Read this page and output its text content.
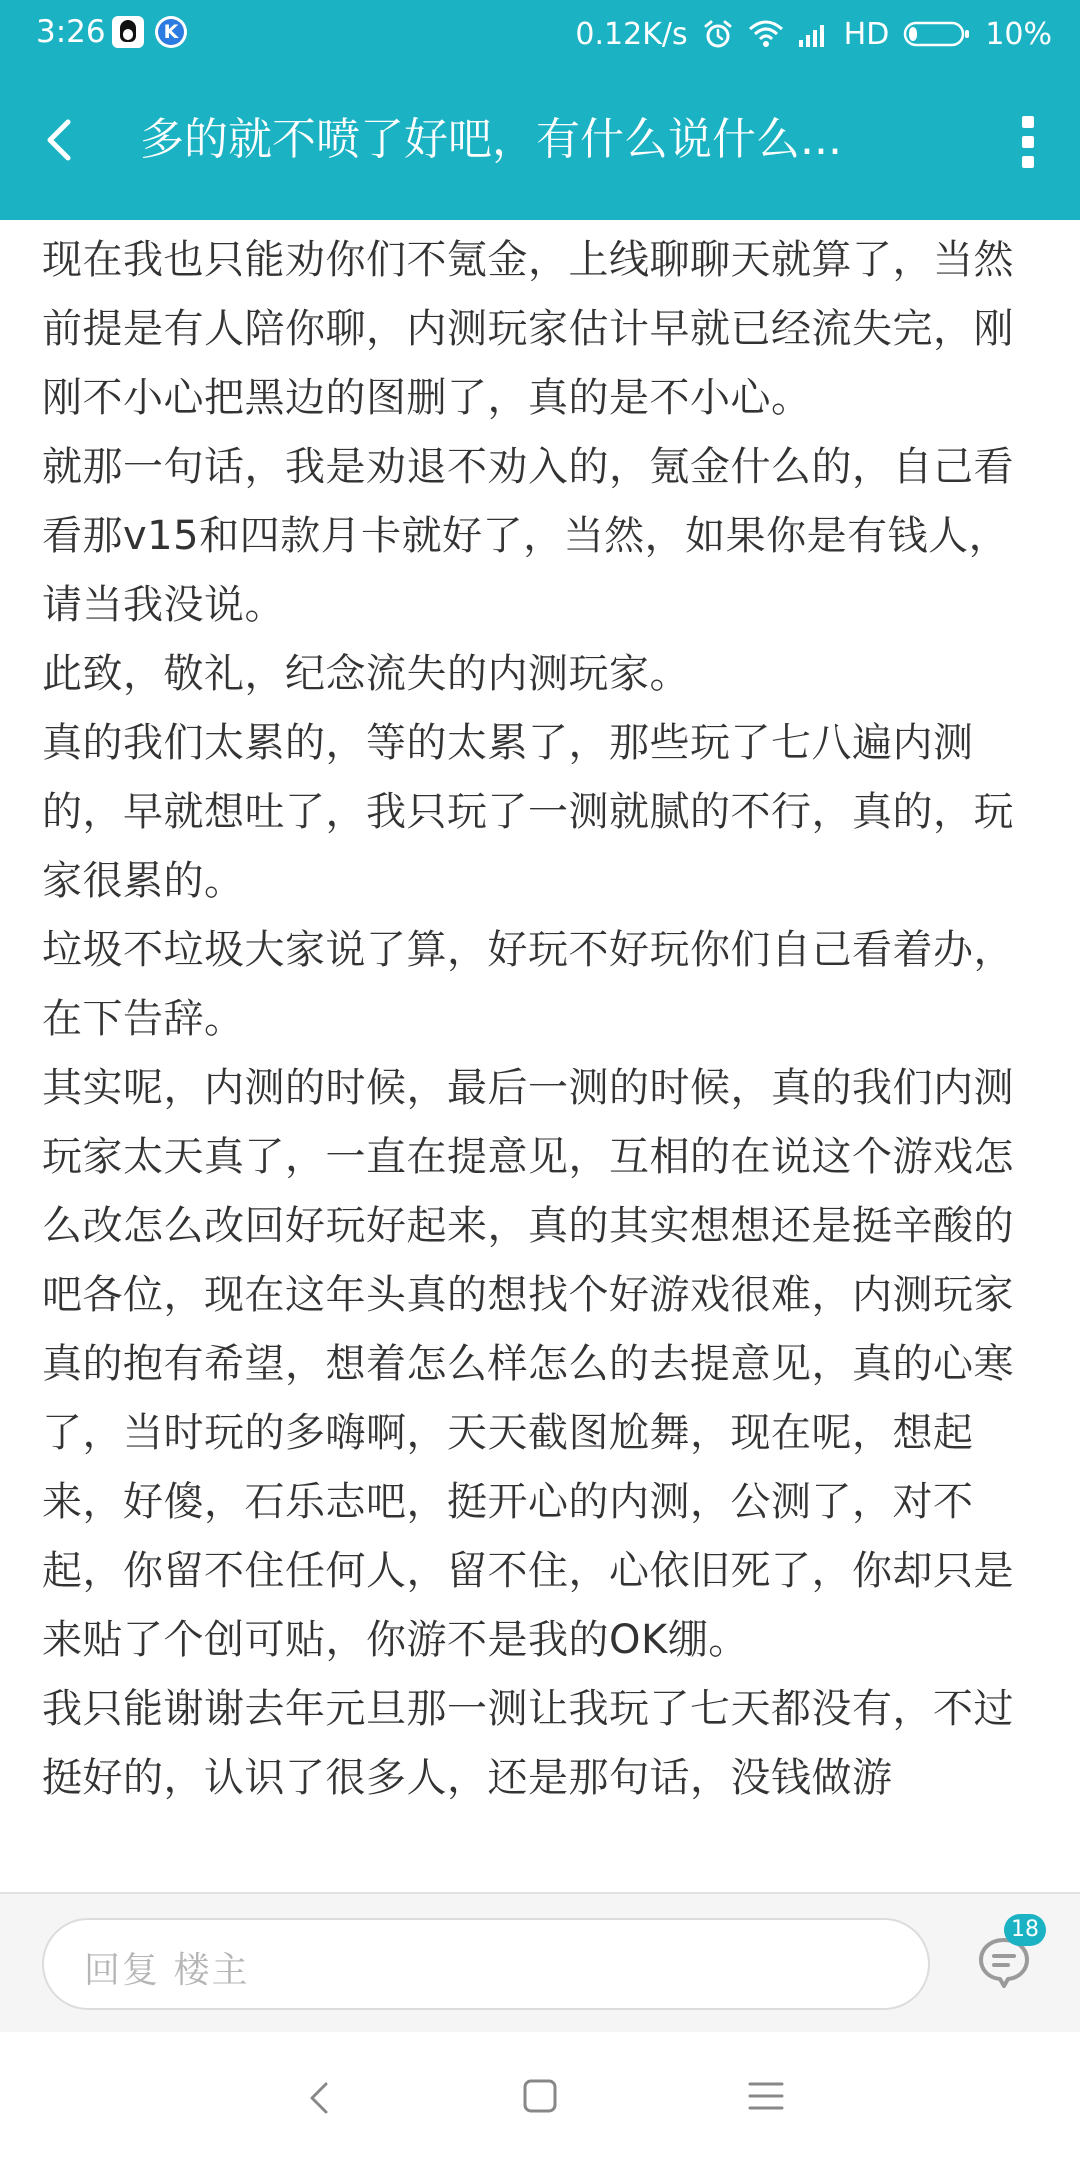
3:26	K	0.12K/s	HD	10%
多的就不喷了好吧，有什么说什么...

现在我也只能劝你们不氪金，上线聊聊天就算了，当然前提是有人陪你聊，内测玩家估计早就已经流失完，刚刚不小心把黑边的图删了，真的是不小心。

就那一句话，我是劝退不劝入的，氪金什么的，自己看看那v15和四款月卡就好了，当然，如果你是有钱人，请当我没说。

此致，敬礼，纪念流失的内测玩家。

真的我们太累的，等的太累了，那些玩了七八遍内测的，早就想吐了，我只玩了一测就腻的不行，真的，玩家很累的。

垃圾不垃圾大家说了算，好玩不好玩你们自己看着办，在下告辞。

其实呢，内测的时候，最后一测的时候，真的我们内测玩家太天真了，一直在提意见，互相的在说这个游戏怎么改怎么改回好玩好起来，真的其实想想还是挺辛酸的吧各位，现在这年头真的想找个好游戏很难，内测玩家真的抱有希望，想着怎么样怎么的去提意见，真的心寒了，当时玩的多嗨啊，天天截图尬舞，现在呢，想起来，好傻，石乐志吧，挺开心的内测，公测了，对不起，你留不住任何人，留不住，心依旧死了，你却只是来贴了个创可贴，你游不是我的OK绷。

我只能谢谢去年元旦那一测让我玩了七天都没有，不过挺好的，认识了很多人，还是那句话，没钱做游

回复 楼主
18
